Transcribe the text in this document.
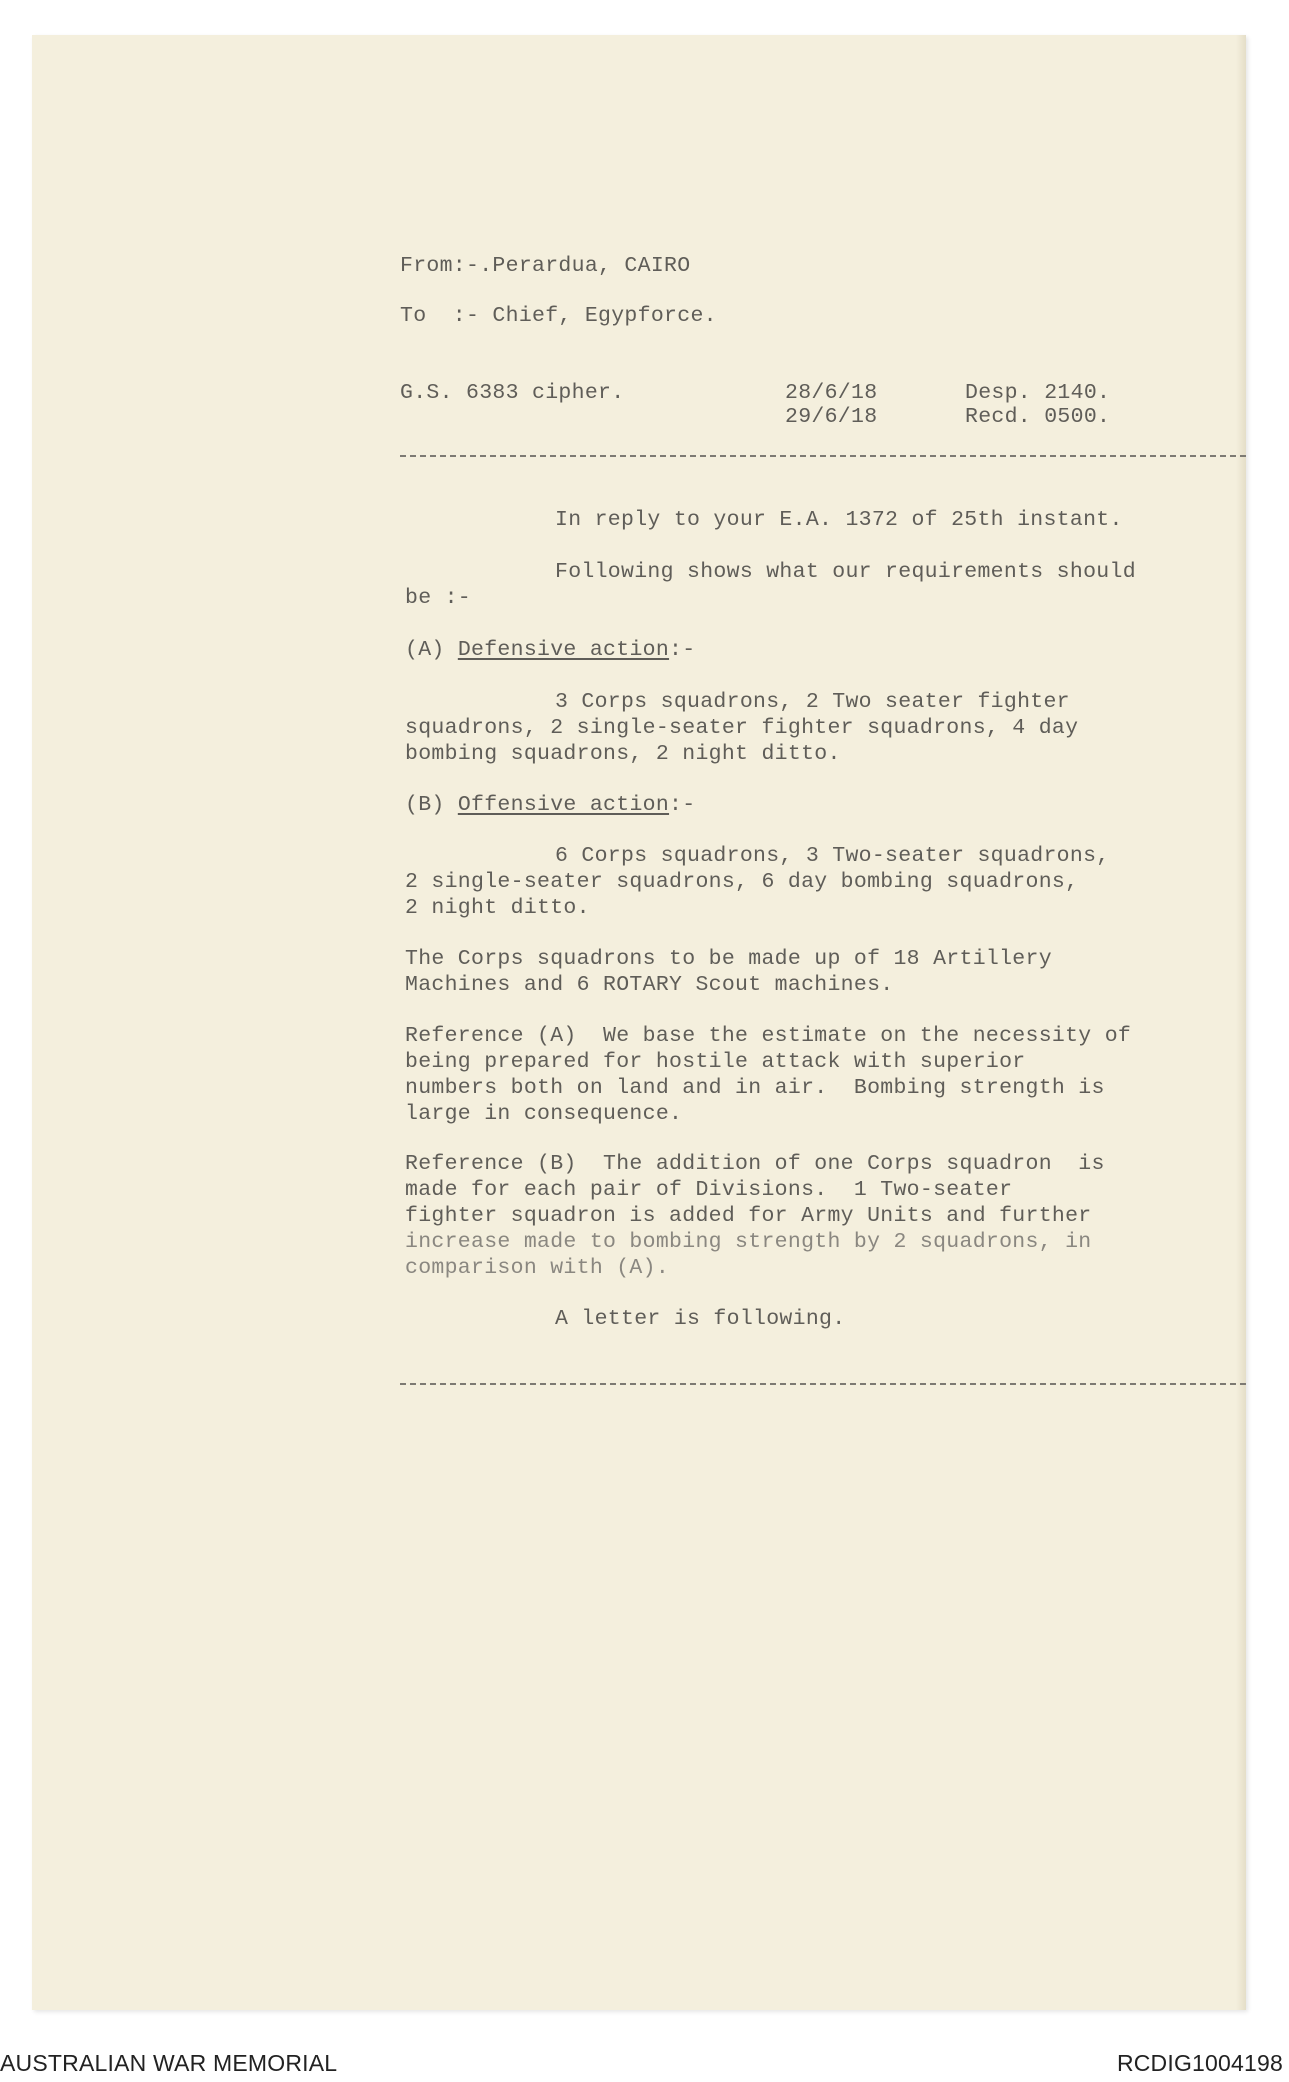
From:-.Perardua, CAIRO
To  :- Chief, Egypforce.
G.S. 6383 cipher.	28/6/18
29/6/18
Desp. 2140.
Recd. 0500.
In reply to your E.A. 1372 of 25th instant.
Following shows what our requirements should
be :-
(A) Defensive action:-
3 Corps squadrons, 2 Two seater fighter
squadrons, 2 single-seater fighter squadrons, 4 day
bombing squadrons, 2 night ditto.
(B) Offensive action:-
6 Corps squadrons, 3 Two-seater squadrons,
2 single-seater squadrons, 6 day bombing squadrons,
2 night ditto.
The Corps squadrons to be made up of 18 Artillery
Machines and 6 ROTARY Scout machines.
Reference (A)  We base the estimate on the necessity of
being prepared for hostile attack with superior
numbers both on land and in air.  Bombing strength is
large in consequence.
Reference (B)  The addition of one Corps squadron  is
made for each pair of Divisions.  1 Two-seater
fighter squadron is added for Army Units and further
increase made to bombing strength by 2 squadrons, in
comparison with (A).
A letter is following.
AUSTRALIAN WAR MEMORIAL	RCDIG1004198
